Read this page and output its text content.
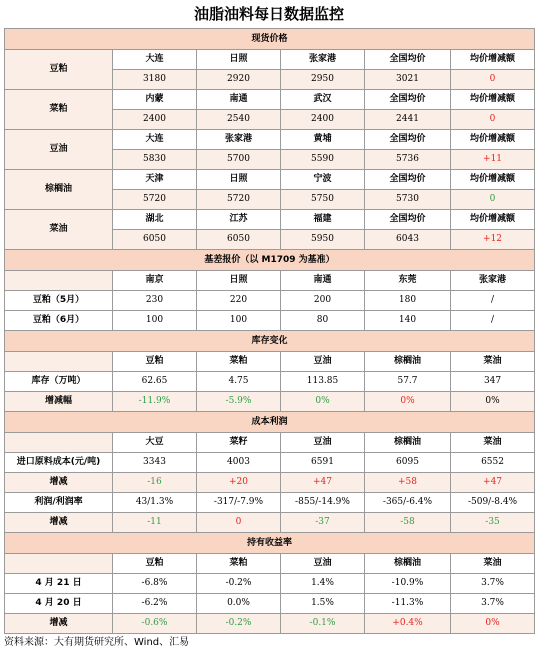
油脂油料每日数据监控
现货价格					
豆粕	大连	日照	张家港	全国均价	均价增减额
	3180	2920	2950	3021	0
菜粕	内蒙	南通	武汉	全国均价	均价增减额
	2400	2540	2400	2441	0
豆油	大连	张家港	黄埔	全国均价	均价增减额
	5830	5700	5590	5736	+11
棕榈油	天津	日照	宁波	全国均价	均价增减额
	5720	5720	5750	5730	0
菜油	湖北	江苏	福建	全国均价	均价增减额
	6050	6050	5950	6043	+12
基差报价（以 M1709 为基准）					
	南京	日照	南通	东莞	张家港
豆粕（5月）	230	220	200	180	/
豆粕（6月）	100	100	80	140	/
库存变化					
	豆粕	菜粕	豆油	棕榈油	菜油
库存（万吨）	62.65	4.75	113.85	57.7	347
增减幅	-11.9%	-5.9%	0%	0%	0%
成本利润					
	大豆	菜籽	豆油	棕榈油	菜油
进口原料成本(元/吨)	3343	4003	6591	6095	6552
增减	-16	+20	+47	+58	+47
利润/利润率	43/1.3%	-317/-7.9%	-855/-14.9%	-365/-6.4%	-509/-8.4%
增减	-11	0	-37	-58	-35
持有收益率					
	豆粕	菜粕	豆油	棕榈油	菜油
4 月 21 日	-6.8%	-0.2%	1.4%	-10.9%	3.7%
4 月 20 日	-6.2%	0.0%	1.5%	-11.3%	3.7%
增减	-0.6%	-0.2%	-0.1%	+0.4%	0%
资料来源：大有期货研究所、Wind、汇易
